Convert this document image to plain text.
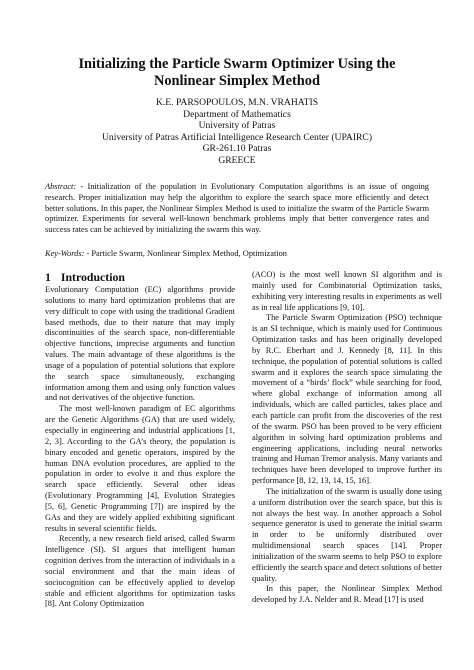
Initializing the Particle Swarm Optimizer Using the
Nonlinear Simplex Method
K.E. PARSOPOULOS, M.N. VRAHATIS
Department of Mathematics
University of Patras
University of Patras Artificial Intelligence Research Center (UPAIRC)
GR-261.10 Patras
GREECE
Abstract: - Initialization of the population in Evolutionary Computation algorithms is an issue of ongoing research. Proper initialization may help the algorithm to explore the search space more efficiently and detect better solutions. In this paper, the Nonlinear Simplex Method is used to initialize the swarm of the Particle Swarm optimizer. Experiments for several well-known benchmark problems imply that better convergence rates and success rates can be achieved by initializing the swarm this way.
Key-Words: - Particle Swarm, Nonlinear Simplex Method, Optimization
1 Introduction

Evolutionary Computation (EC) algorithms provide solutions to many hard optimization problems that are very difficult to cope with using the traditional Gradient based methods, due to their nature that may imply discontinuities of the search space, non-differentiable objective functions, imprecise arguments and function values. The main advantage of these algorithms is the usage of a population of potential solutions that explore the search space simultaneously, exchanging information among them and using only function values and not derivatives of the objective function.

The most well-known paradigm of EC algorithms are the Genetic Algorithms (GA) that are used widely, especially in engineering and industrial applications [1, 2, 3]. According to the GA’s theory, the population is binary encoded and genetic operators, inspired by the human DNA evolution procedures, are applied to the population in order to evolve it and thus explore the search space efficiently. Several other ideas (Evolutionary Programming [4], Evolution Strategies [5, 6], Genetic Programming [7]) are inspired by the GAs and they are widely applied exhibiting significant results in several scientific fields.

Recently, a new research field arised, called Swarm Intelligence (SI). SI argues that intelligent human cognition derives from the interaction of individuals in a social environment and that the main ideas of sociocognition can be effectively applied to develop stable and efficient algorithms for optimization tasks [8]. Ant Colony Optimization

(ACO) is the most well known SI algorithm and is mainly used for Combinatorial Optimization tasks, exhibiting very interesting results in experiments as well as in real life applications [9, 10].

The Particle Swarm Optimization (PSO) technique is an SI technique, which is mainly used for Continuous Optimization tasks and has been originally developed by R.C. Eberhart and J. Kennedy [8, 11]. In this technique, the population of potential solutions is called swarm and it explores the search space simulating the movement of a “birds’ flock” while searching for food, where global exchange of information among all individuals, which are called particles, takes place and each particle can profit from the discoveries of the rest of the swarm. PSO has been proved to be very efficient algorithm in solving hard optimization problems and engineering applications, including neural networks training and Human Tremor analysis. Many variants and techniques have been developed to improve further its performance [8, 12, 13, 14, 15, 16].

The initialization of the swarm is usually done using a uniform distribution over the search space, but this is not always the best way. In another approach a Sobol sequence generator is used to generate the initial swarm in order to be uniformly distributed over multidimensional search spaces [14]. Proper initialization of the swarm seems to help PSO to explore efficiently the search space and detect solutions of better quality.

In this paper, the Nonlinear Simplex Method developed by J.A. Nelder and R. Mead [17] is used
